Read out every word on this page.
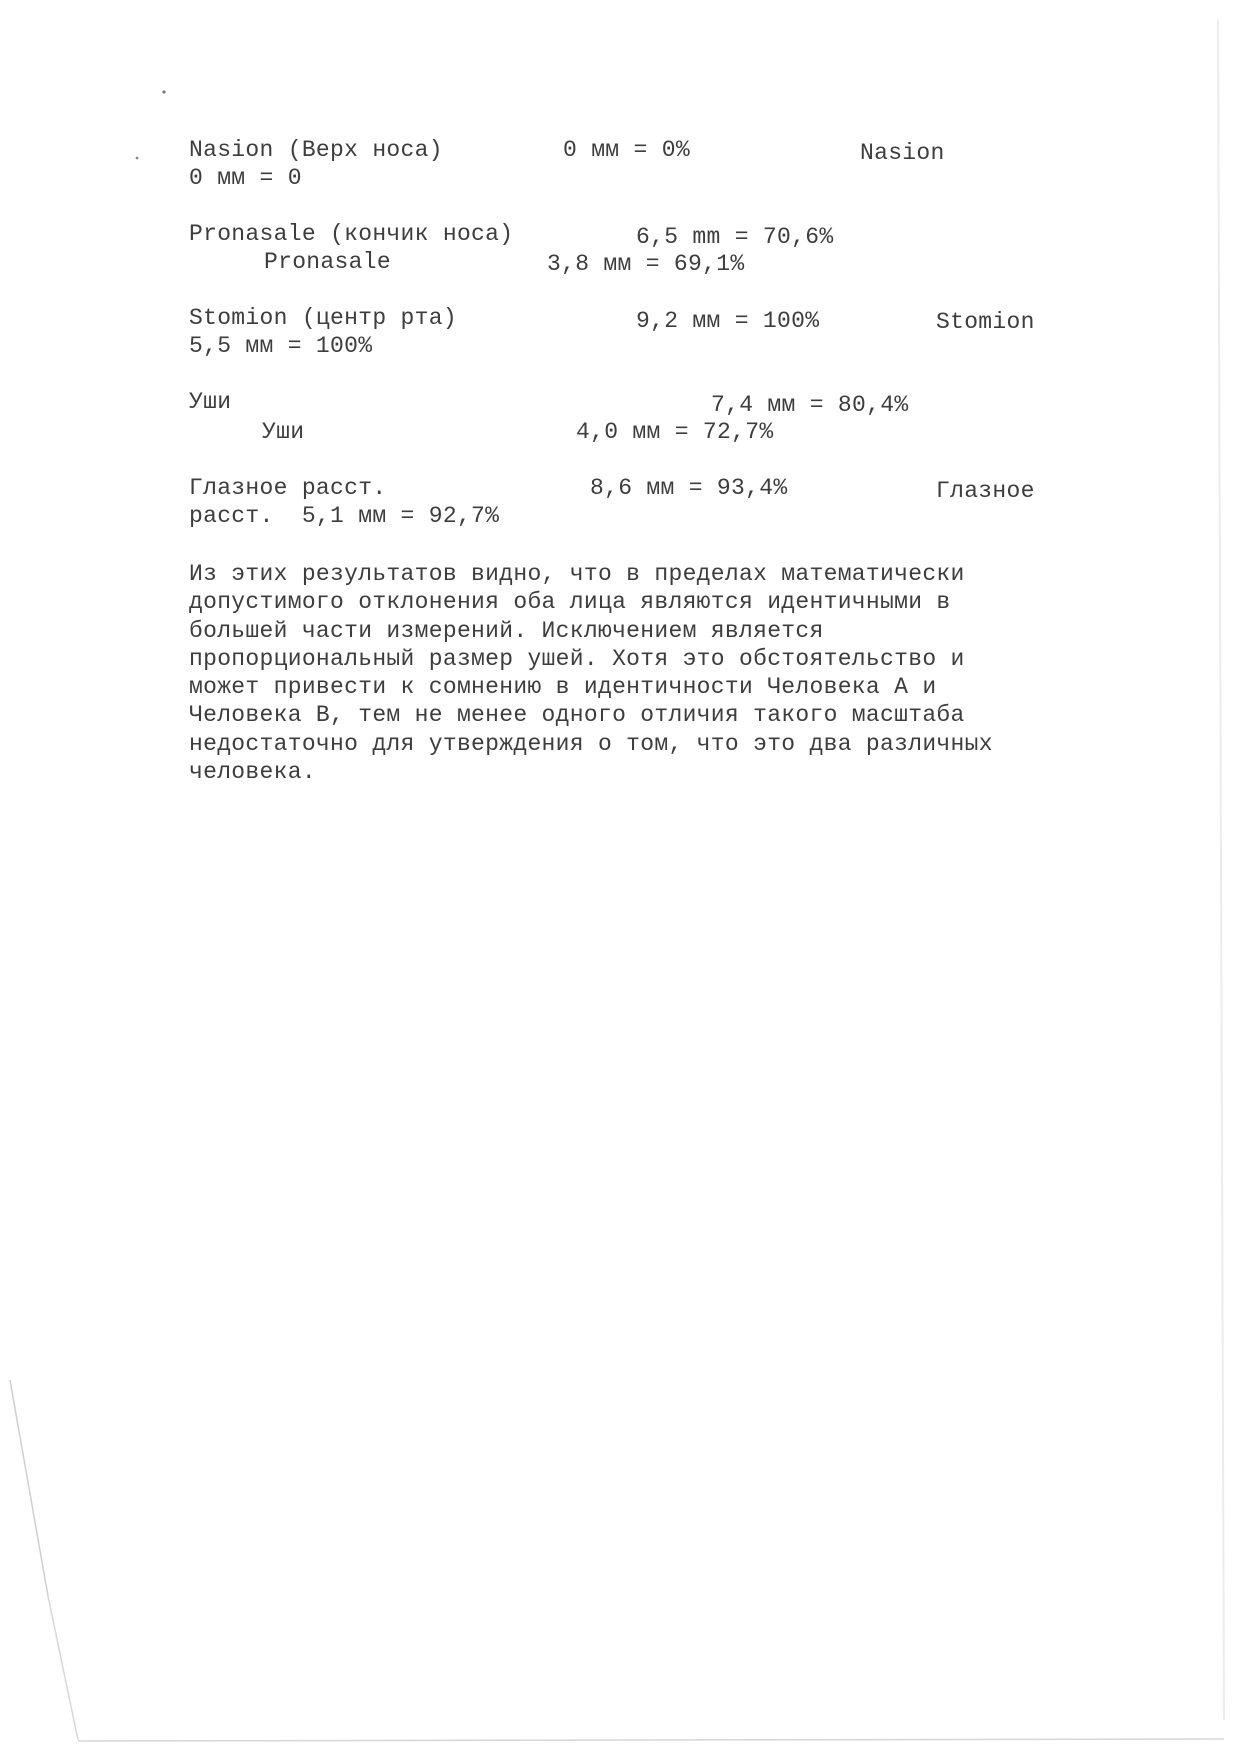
Nasion (Верх носа)	0 мм = 0%	Nasion
0 мм = 0
Pronasale (кончик носа)	6,5 mm = 70,6%
Pronasale	3,8 мм = 69,1%
Stomion (центр рта)	9,2 мм = 100%	Stomion
5,5 мм = 100%
Уши	7,4 мм = 80,4%
Уши	4,0 мм = 72,7%
Глазное расст.	8,6 мм = 93,4%	Глазное
расст.  5,1 мм = 92,7%
Из этих результатов видно, что в пределах математически
допустимого отклонения оба лица являются идентичными в
большей части измерений. Исключением является
пропорциональный размер ушей. Хотя это обстоятельство и
может привести к сомнению в идентичности Человека А и
Человека В, тем не менее одного отличия такого масштаба
недостаточно для утверждения о том, что это два различных
человека.
